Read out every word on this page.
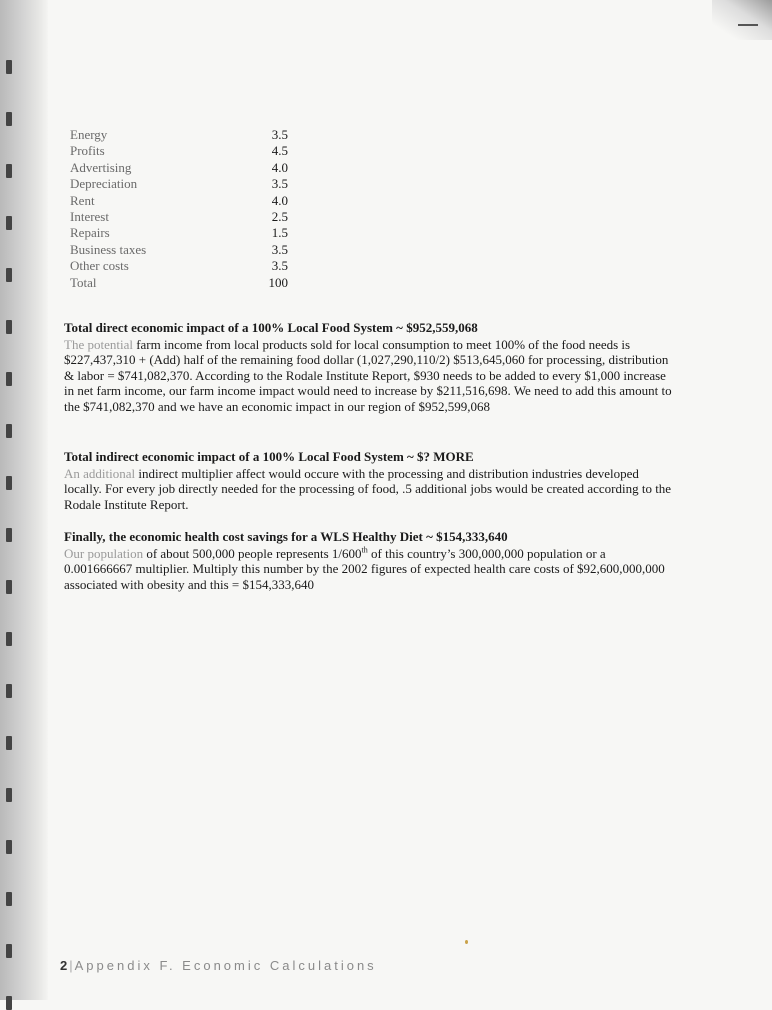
Energy	3.5
Profits	4.5
Advertising	4.0
Depreciation	3.5
Rent	4.0
Interest	2.5
Repairs	1.5
Business taxes	3.5
Other costs	3.5
Total	100

Total direct economic impact of a 100% Local Food System ~ $952,559,068

The potential farm income from local products sold for local consumption to meet 100% of the food needs is $227,437,310 + (Add) half of the remaining food dollar (1,027,290,110/2) $513,645,060 for processing, distribution & labor = $741,082,370. According to the Rodale Institute Report, $930 needs to be added to every $1,000 increase in net farm income, our farm income impact would need to increase by $211,516,698. We need to add this amount to the $741,082,370 and we have an economic impact in our region of $952,599,068

Total indirect economic impact of a 100% Local Food System ~ $? MORE

An additional indirect multiplier affect would occure with the processing and distribution industries developed locally. For every job directly needed for the processing of food, .5 additional jobs would be created according to the Rodale Institute Report.

Finally, the economic health cost savings for a WLS Healthy Diet ~ $154,333,640

Our population of about 500,000 people represents 1/600th of this country’s 300,000,000 population or a 0.001666667 multiplier. Multiply this number by the 2002 figures of expected health care costs of $92,600,000,000 associated with obesity and this = $154,333,640

2 | Appendix F. Economic Calculations
